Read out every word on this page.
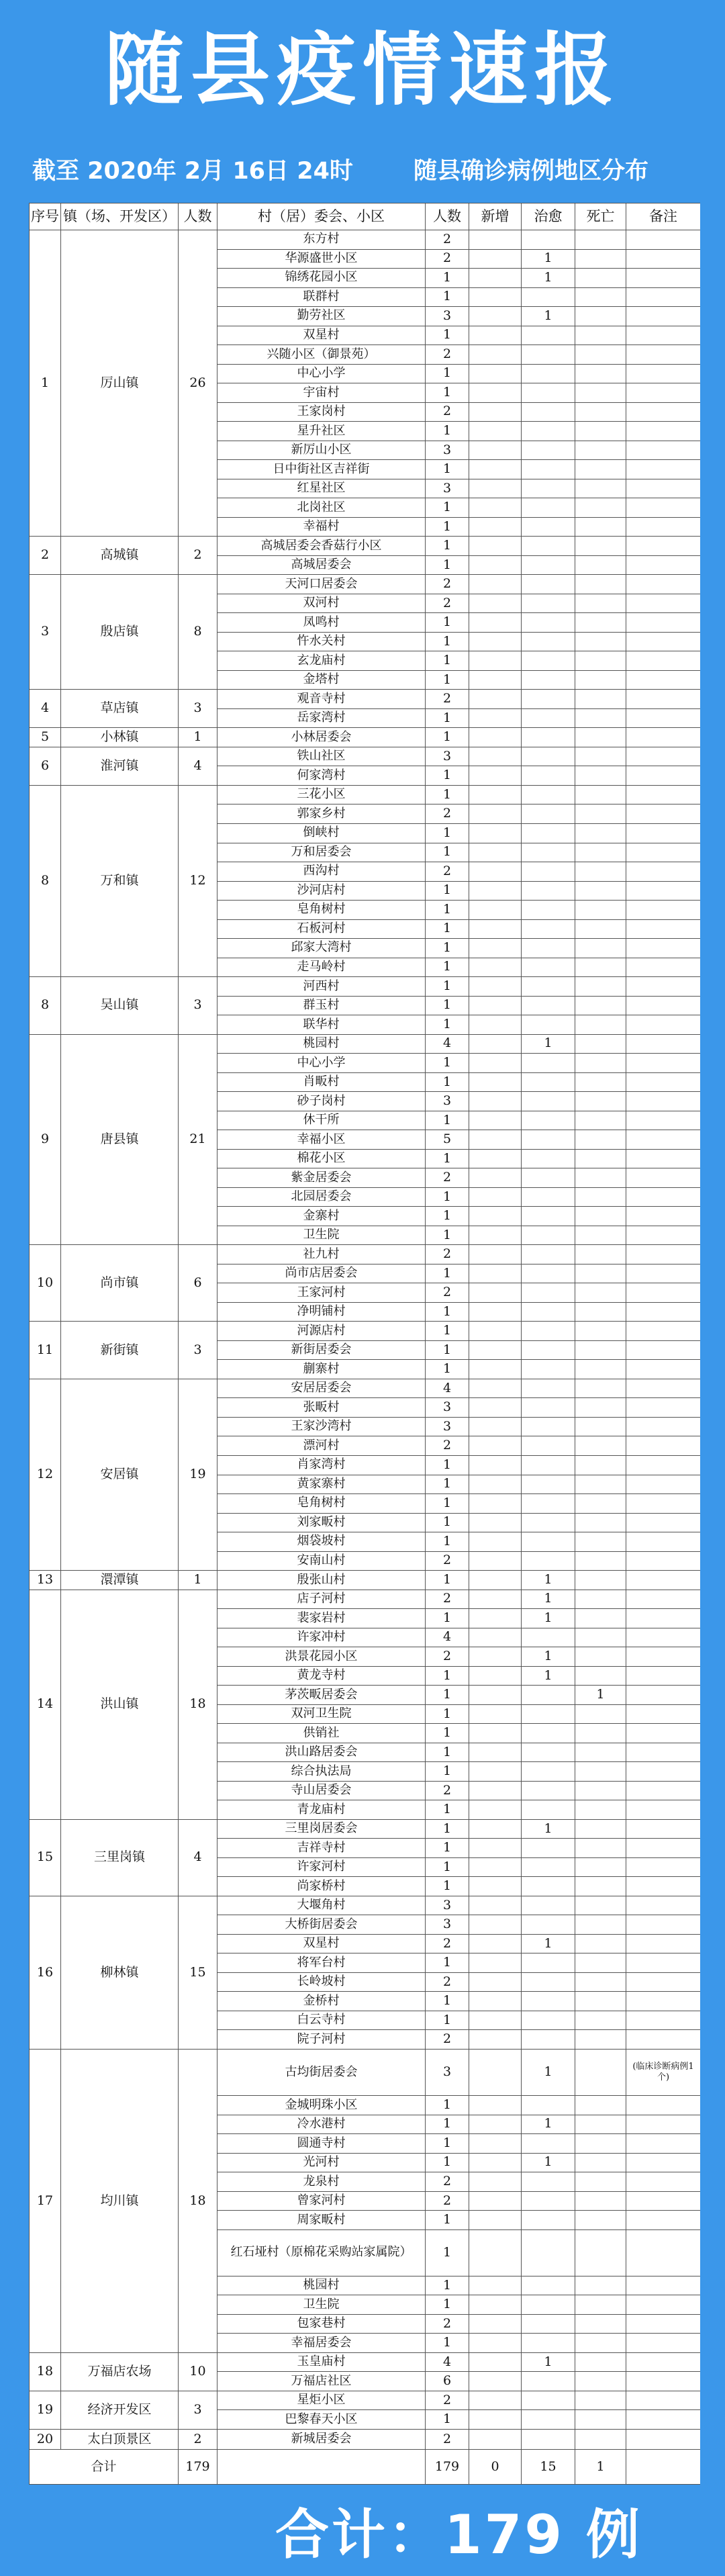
随县疫情速报
截至 2020年 2月 16日 24时	随县确诊病例地区分布
序号	镇（场、开发区）	人数	村（居）委会、小区	人数	新增	治愈	死亡	备注
1	厉山镇	26	东方村	2				
			华源盛世小区	2		1		
			锦绣花园小区	1		1		
			联群村	1				
			勤劳社区	3		1		
			双星村	1				
			兴随小区（御景苑）	2				
			中心小学	1				
			宇宙村	1				
			王家岗村	2				
			星升社区	1				
			新厉山小区	3				
			日中街社区吉祥街	1				
			红星社区	3				
			北岗社区	1				
			幸福村	1				
2	高城镇	2	高城居委会香菇行小区	1				
			高城居委会	1				
3	殷店镇	8	天河口居委会	2				
			双河村	2				
			凤鸣村	1				
			忤水关村	1				
			玄龙庙村	1				
			金塔村	1				
4	草店镇	3	观音寺村	2				
			岳家湾村	1				
5	小林镇	1	小林居委会	1				
6	淮河镇	4	铁山社区	3				
			何家湾村	1				
8	万和镇	12	三花小区	1				
			郭家乡村	2				
			倒峡村	1				
			万和居委会	1				
			西沟村	2				
			沙河店村	1				
			皂角树村	1				
			石板河村	1				
			邱家大湾村	1				
			走马岭村	1				
8	吴山镇	3	河西村	1				
			群玉村	1				
			联华村	1				
9	唐县镇	21	桃园村	4		1		
			中心小学	1				
			肖畈村	1				
			砂子岗村	3				
			休干所	1				
			幸福小区	5				
			棉花小区	1				
			紫金居委会	2				
			北园居委会	1				
			金寨村	1				
			卫生院	1				
10	尚市镇	6	社九村	2				
			尚市店居委会	1				
			王家河村	2				
			净明铺村	1				
11	新街镇	3	河源店村	1				
			新街居委会	1				
			蒯寨村	1				
12	安居镇	19	安居居委会	4				
			张畈村	3				
			王家沙湾村	3				
			漂河村	2				
			肖家湾村	1				
			黄家寨村	1				
			皂角树村	1				
			刘家畈村	1				
			烟袋坡村	1				
			安南山村	2				
13	澴潭镇	1	殷张山村	1		1		
14	洪山镇	18	店子河村	2		1		
			裴家岩村	1		1		
			许家冲村	4				
			洪景花园小区	2		1		
			黄龙寺村	1		1		
			茅茨畈居委会	1			1	
			双河卫生院	1				
			供销社	1				
			洪山路居委会	1				
			综合执法局	1				
			寺山居委会	2				
			青龙庙村	1				
15	三里岗镇	4	三里岗居委会	1		1		
			吉祥寺村	1				
			许家河村	1				
			尚家桥村	1				
16	柳林镇	15	大堰角村	3				
			大桥街居委会	3				
			双星村	2		1		
			将军台村	1				
			长岭坡村	2				
			金桥村	1				
			白云寺村	1				
			院子河村	2				
17	均川镇	18	古均街居委会	3		1		(临床诊断病例1个)
			金城明珠小区	1				
			冷水港村	1		1		
			圆通寺村	1				
			光河村	1		1		
			龙泉村	2				
			曾家河村	2				
			周家畈村	1				
			红石垭村（原棉花采购站家属院）	1				
			桃园村	1				
			卫生院	1				
			包家巷村	2				
			幸福居委会	1				
18	万福店农场	10	玉皇庙村	4		1		
			万福店社区	6				
19	经济开发区	3	星炬小区	2				
			巴黎春天小区	1				
20	太白顶景区	2	新城居委会	2				
合计		179		179	0	15	1	
合计：179 例
